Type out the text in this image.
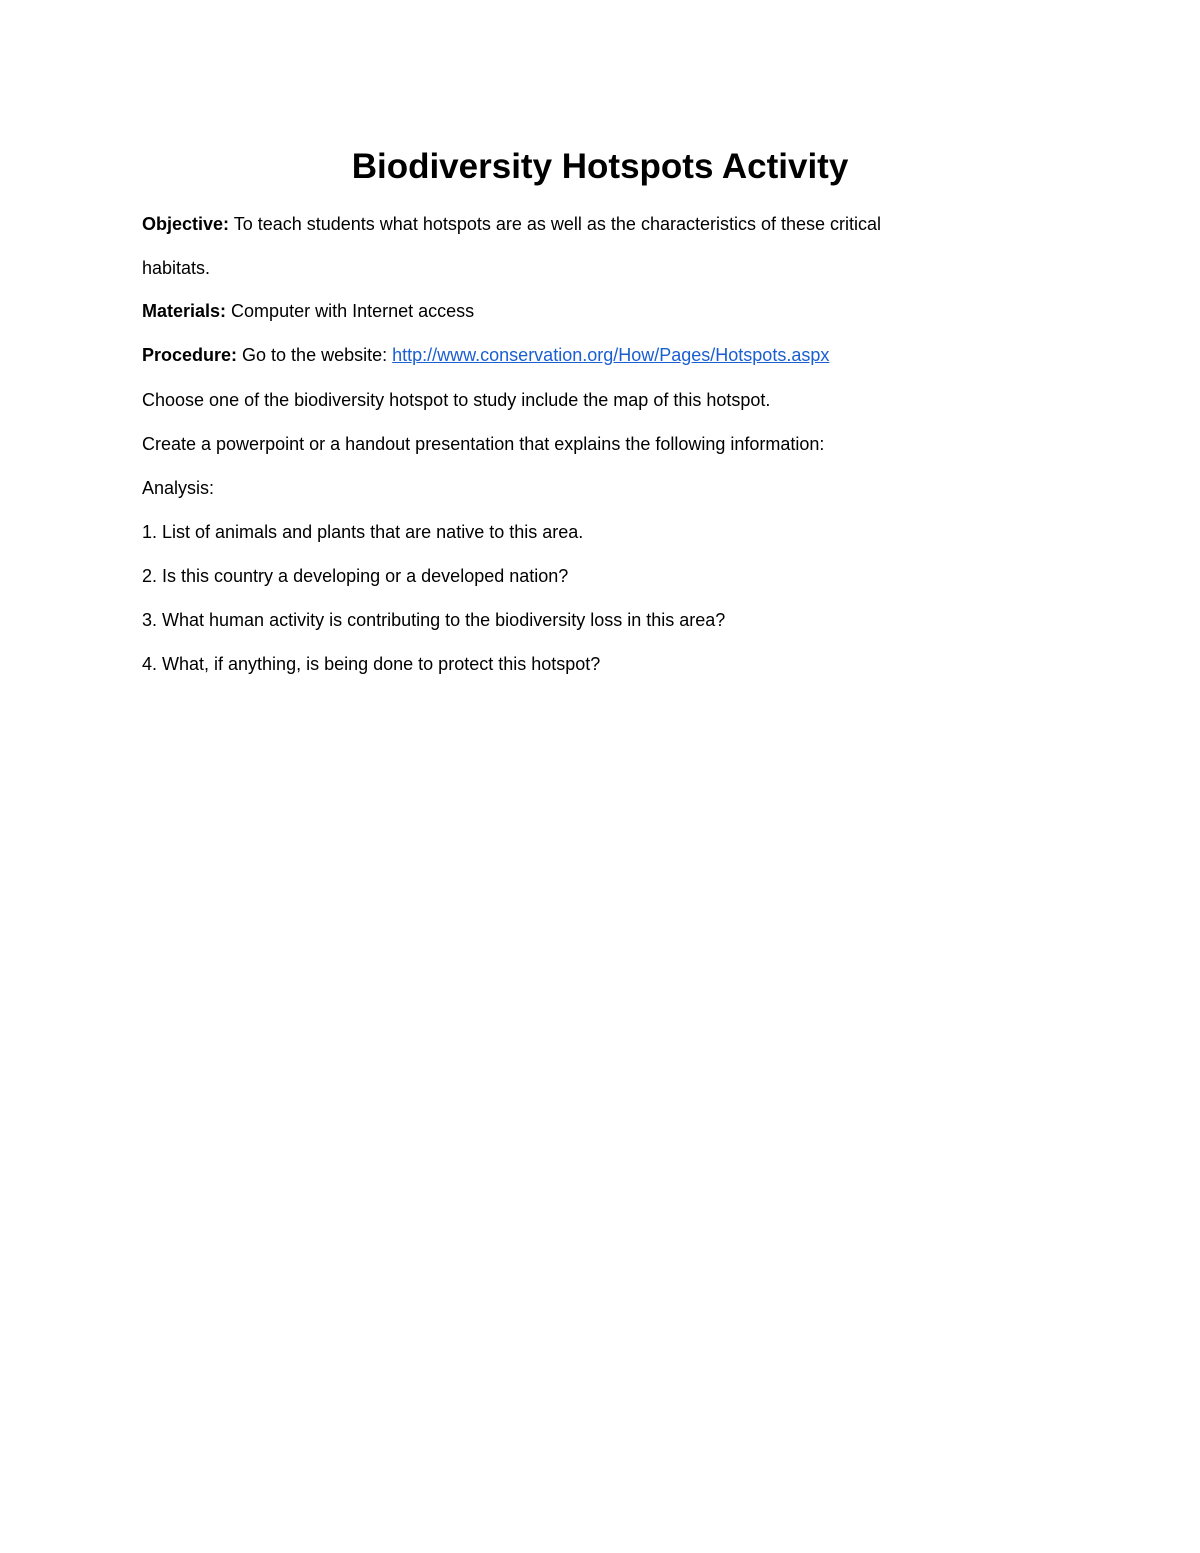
Biodiversity Hotspots Activity

Objective: To teach students what hotspots are as well as the characteristics of these critical

habitats.

Materials: Computer with Internet access

Procedure: Go to the website: http://www.conservation.org/How/Pages/Hotspots.aspx

Choose one of the biodiversity hotspot to study include the map of this hotspot.

Create a powerpoint or a handout presentation that explains the following information:

Analysis:

1. List of animals and plants that are native to this area.

2. Is this country a developing or a developed nation?

3. What human activity is contributing to the biodiversity loss in this area?

4. What, if anything, is being done to protect this hotspot?
